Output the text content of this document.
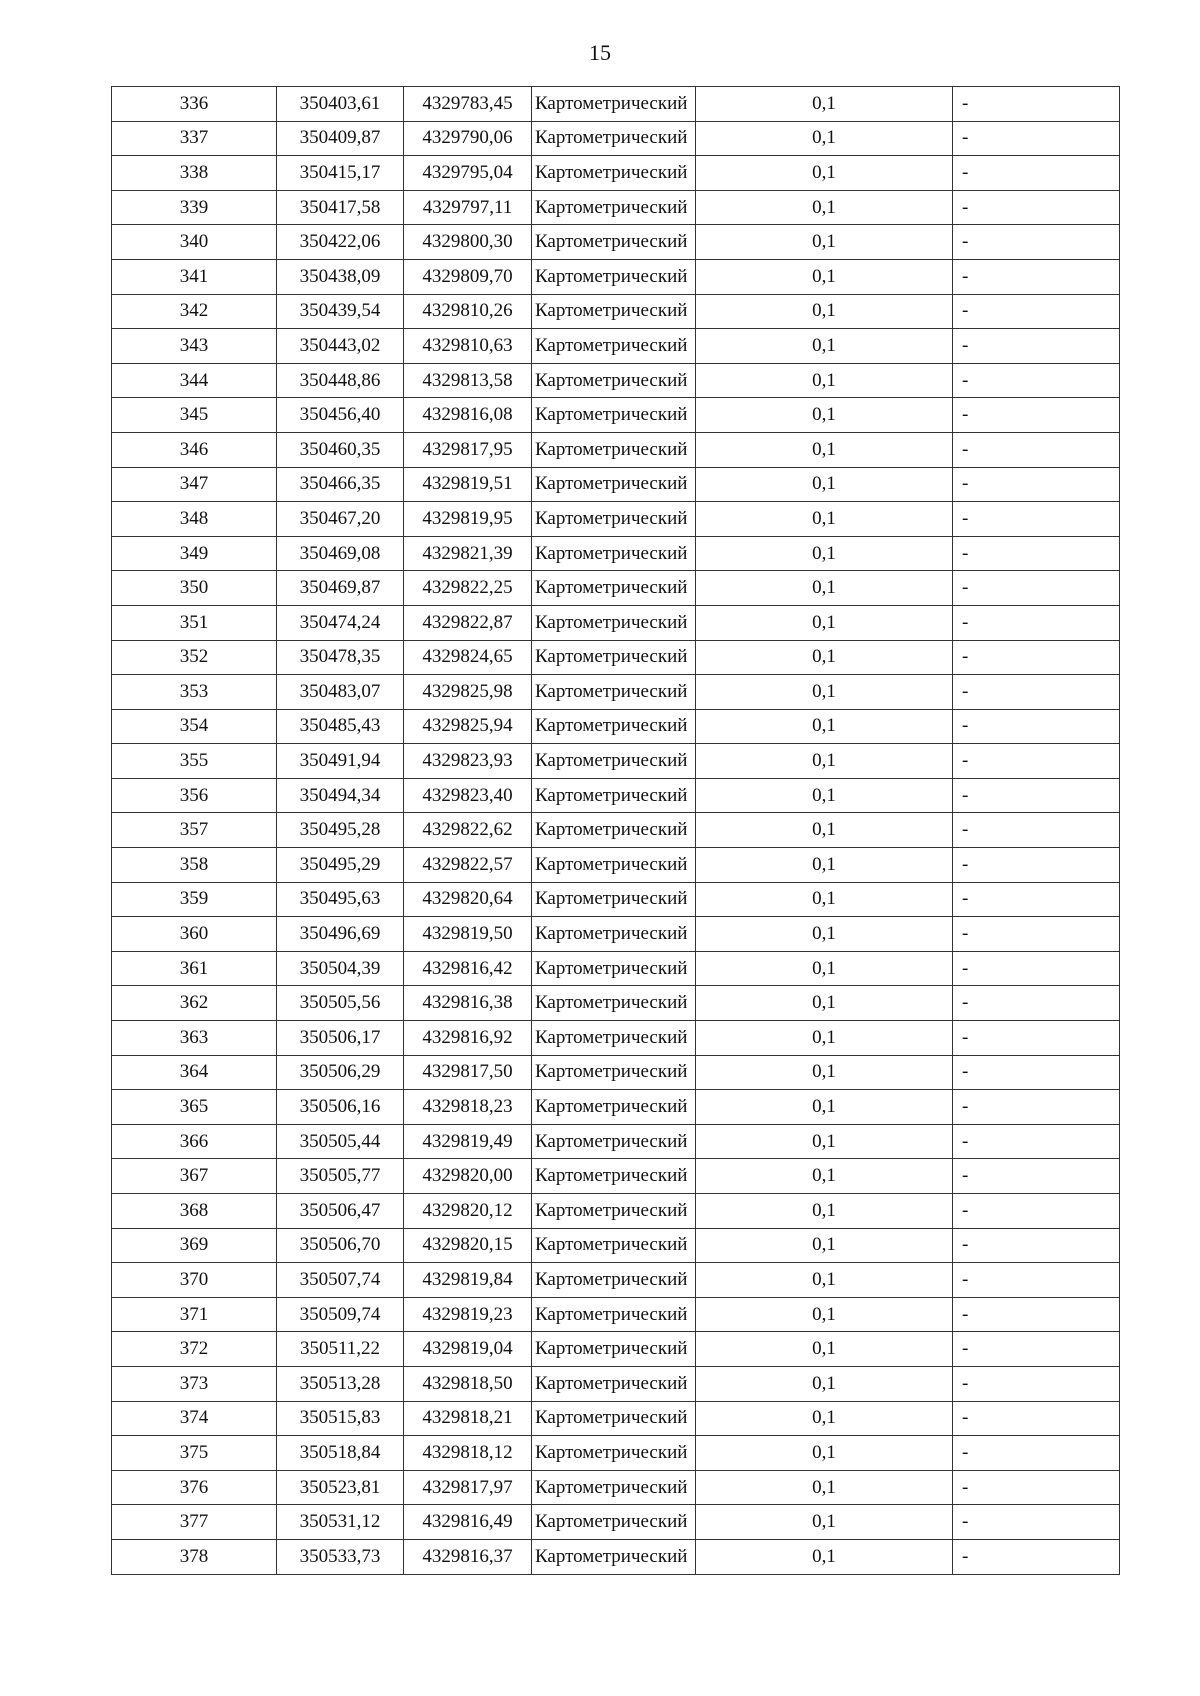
15
336	350403,61	4329783,45	Картометрический	0,1	-
337	350409,87	4329790,06	Картометрический	0,1	-
338	350415,17	4329795,04	Картометрический	0,1	-
339	350417,58	4329797,11	Картометрический	0,1	-
340	350422,06	4329800,30	Картометрический	0,1	-
341	350438,09	4329809,70	Картометрический	0,1	-
342	350439,54	4329810,26	Картометрический	0,1	-
343	350443,02	4329810,63	Картометрический	0,1	-
344	350448,86	4329813,58	Картометрический	0,1	-
345	350456,40	4329816,08	Картометрический	0,1	-
346	350460,35	4329817,95	Картометрический	0,1	-
347	350466,35	4329819,51	Картометрический	0,1	-
348	350467,20	4329819,95	Картометрический	0,1	-
349	350469,08	4329821,39	Картометрический	0,1	-
350	350469,87	4329822,25	Картометрический	0,1	-
351	350474,24	4329822,87	Картометрический	0,1	-
352	350478,35	4329824,65	Картометрический	0,1	-
353	350483,07	4329825,98	Картометрический	0,1	-
354	350485,43	4329825,94	Картометрический	0,1	-
355	350491,94	4329823,93	Картометрический	0,1	-
356	350494,34	4329823,40	Картометрический	0,1	-
357	350495,28	4329822,62	Картометрический	0,1	-
358	350495,29	4329822,57	Картометрический	0,1	-
359	350495,63	4329820,64	Картометрический	0,1	-
360	350496,69	4329819,50	Картометрический	0,1	-
361	350504,39	4329816,42	Картометрический	0,1	-
362	350505,56	4329816,38	Картометрический	0,1	-
363	350506,17	4329816,92	Картометрический	0,1	-
364	350506,29	4329817,50	Картометрический	0,1	-
365	350506,16	4329818,23	Картометрический	0,1	-
366	350505,44	4329819,49	Картометрический	0,1	-
367	350505,77	4329820,00	Картометрический	0,1	-
368	350506,47	4329820,12	Картометрический	0,1	-
369	350506,70	4329820,15	Картометрический	0,1	-
370	350507,74	4329819,84	Картометрический	0,1	-
371	350509,74	4329819,23	Картометрический	0,1	-
372	350511,22	4329819,04	Картометрический	0,1	-
373	350513,28	4329818,50	Картометрический	0,1	-
374	350515,83	4329818,21	Картометрический	0,1	-
375	350518,84	4329818,12	Картометрический	0,1	-
376	350523,81	4329817,97	Картометрический	0,1	-
377	350531,12	4329816,49	Картометрический	0,1	-
378	350533,73	4329816,37	Картометрический	0,1	-
